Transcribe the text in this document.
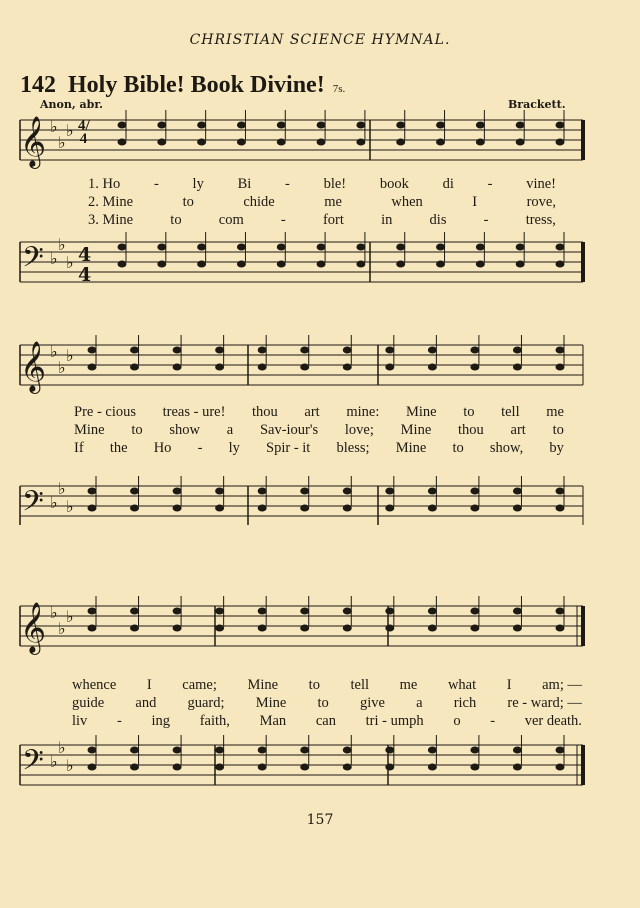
CHRISTIAN SCIENCE HYMNAL.
142 Holy Bible! Book Divine! 7s.
Anon, abr.	Brackett.
𝄞 ♭
♭
♭
𝄢 ♭
♭
♭ 4
4
𝄞 ♭
♭
♭
𝄢 ♭
♭
♭
𝄞 ♭
♭
♭
𝄢 ♭
♭
♭
4/4
1. Ho - ly Bi - ble! book di - vine!
2. Mine	to	chide	me	when	I	rove,
3. Mine	to	com	-	fort	in	dis	-	tress,
Pre - cious treas - ure! thou art mine: Mine to tell me
Mine to show a Sav-iour's love; Mine thou art to
If the Ho - ly Spir - it bless; Mine to show, by
whence I came; Mine to tell me what I am; —
guide and guard; Mine to give a rich re - ward; —
liv - ing faith, Man can tri - umph o - ver death.
157
